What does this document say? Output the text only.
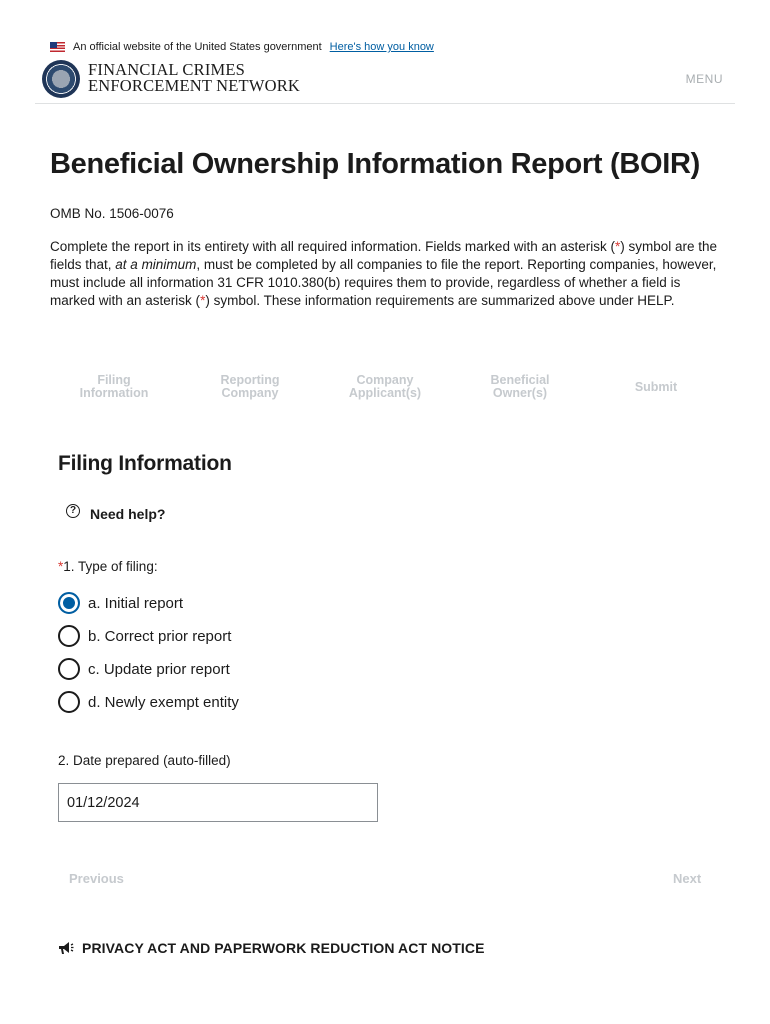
An official website of the United States government Here's how you know
FINANCIAL CRIMES
ENFORCEMENT NETWORK	MENU
Beneficial Ownership Information Report (BOIR)
OMB No. 1506-0076
Complete the report in its entirety with all required information. Fields marked with an asterisk (*) symbol are the fields that, at a minimum, must be completed by all companies to file the report. Reporting companies, however, must include all information 31 CFR 1010.380(b) requires them to provide, regardless of whether a field is marked with an asterisk (*) symbol. These information requirements are summarized above under HELP.
Filing
Information
Reporting
Company
Company
Applicant(s)
Beneficial
Owner(s)	Submit
Filing Information
? Need help?
*1. Type of filing:
a. Initial report
b. Correct prior report
c. Update prior report
d. Newly exempt entity
2. Date prepared (auto-filled)
01/12/2024
Previous	Next
PRIVACY ACT AND PAPERWORK REDUCTION ACT NOTICE
